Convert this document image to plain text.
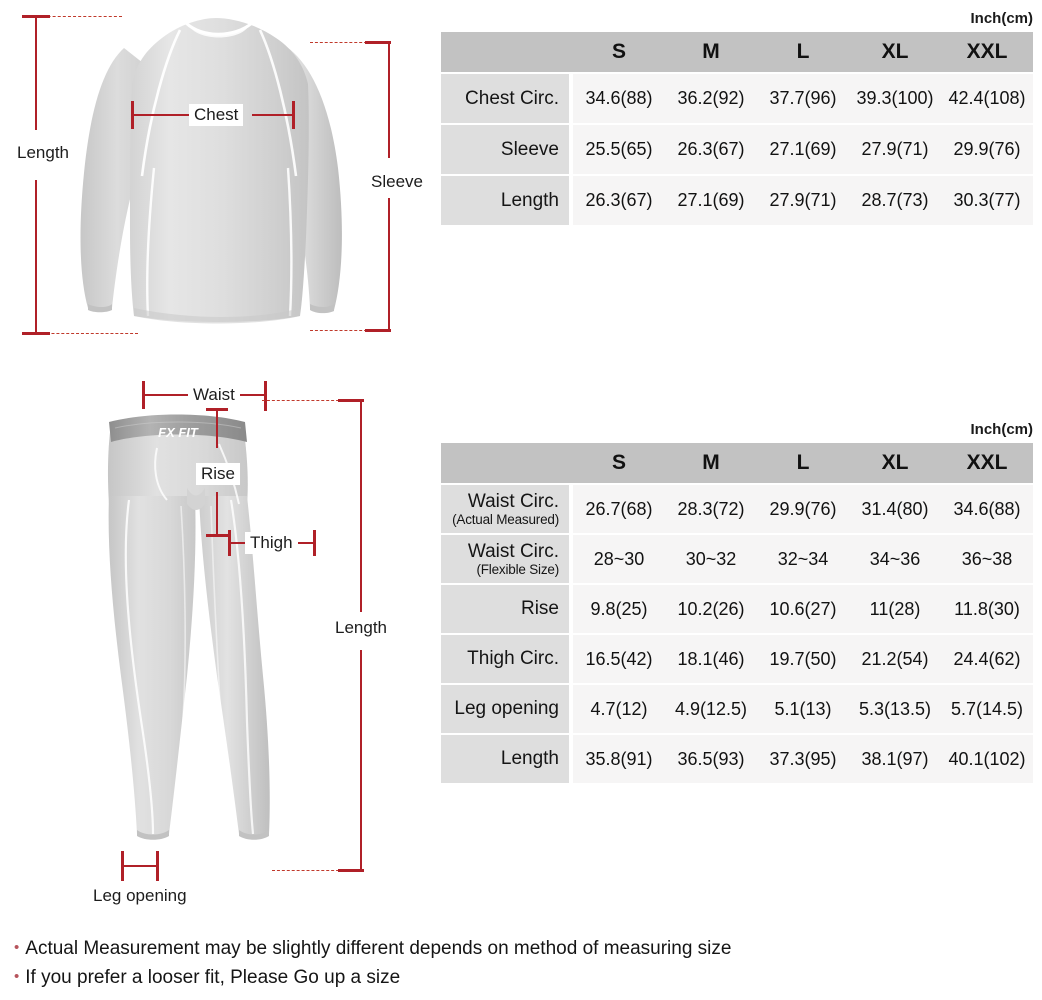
Length
Chest
Sleeve
Inch(cm)
		S	M	L	XL	XXL
Chest Circ.		34.6(88)	36.2(92)	37.7(96)	39.3(100)	42.4(108)
Sleeve		25.5(65)	26.3(67)	27.1(69)	27.9(71)	29.9(76)
Length		26.3(67)	27.1(69)	27.9(71)	28.7(73)	30.3(77)
FX FIT
Waist
Rise
Thigh
Length
Leg opening
Inch(cm)
		S	M	L	XL	XXL
Waist Circ.
(Actual Measured)		26.7(68)	28.3(72)	29.9(76)	31.4(80)	34.6(88)
Waist Circ.
(Flexible Size)		28~30	30~32	32~34	34~36	36~38
Rise		9.8(25)	10.2(26)	10.6(27)	11(28)	11.8(30)
Thigh Circ.		16.5(42)	18.1(46)	19.7(50)	21.2(54)	24.4(62)
Leg opening		4.7(12)	4.9(12.5)	5.1(13)	5.3(13.5)	5.7(14.5)
Length		35.8(91)	36.5(93)	37.3(95)	38.1(97)	40.1(102)
• Actual Measurement may be slightly different depends on method of measuring size
• If you prefer a looser fit, Please Go up a size
